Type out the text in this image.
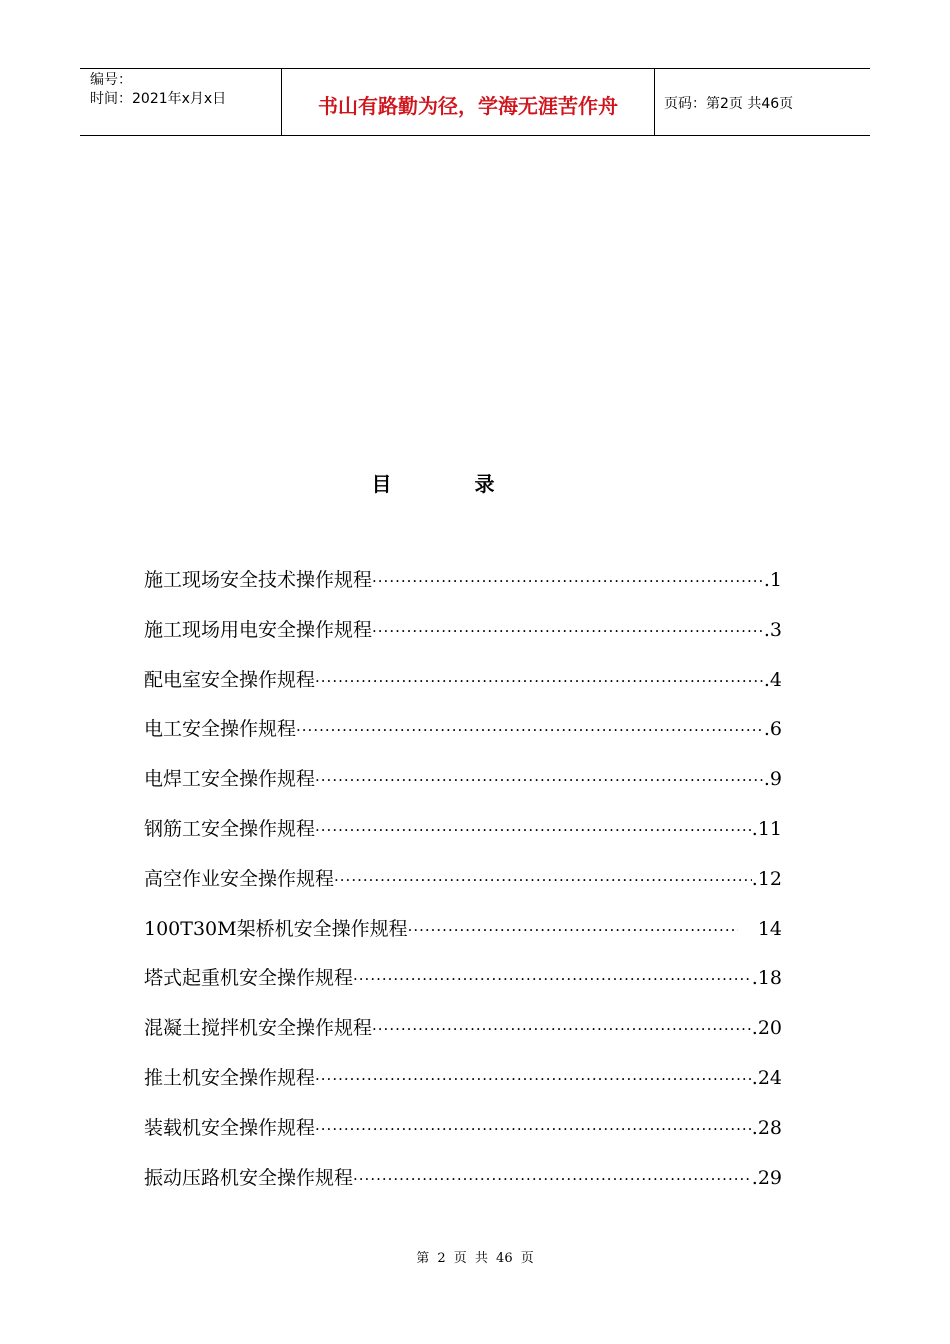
编号：
时间：2021年x月x日	书山有路勤为径，学海无涯苦作舟	页码：第2页 共46页
目 录
施工现场安全技术操作规程 ·····	.1
施工现场用电安全操作规程 ·····	.3
配电室安全操作规程 ·····	.4
电工安全操作规程 ·····	.6
电焊工安全操作规程 ·····	.9
钢筋工安全操作规程 ·····	.11
高空作业安全操作规程 ·····	.12
100T30M架桥机安全操作规程 ·····	14
塔式起重机安全操作规程 ·····	.18
混凝土搅拌机安全操作规程 ·····	.20
推土机安全操作规程 ·····	.24
装载机安全操作规程 ·····	.28
振动压路机安全操作规程 ·····	.29
第 2 页 共 46 页
